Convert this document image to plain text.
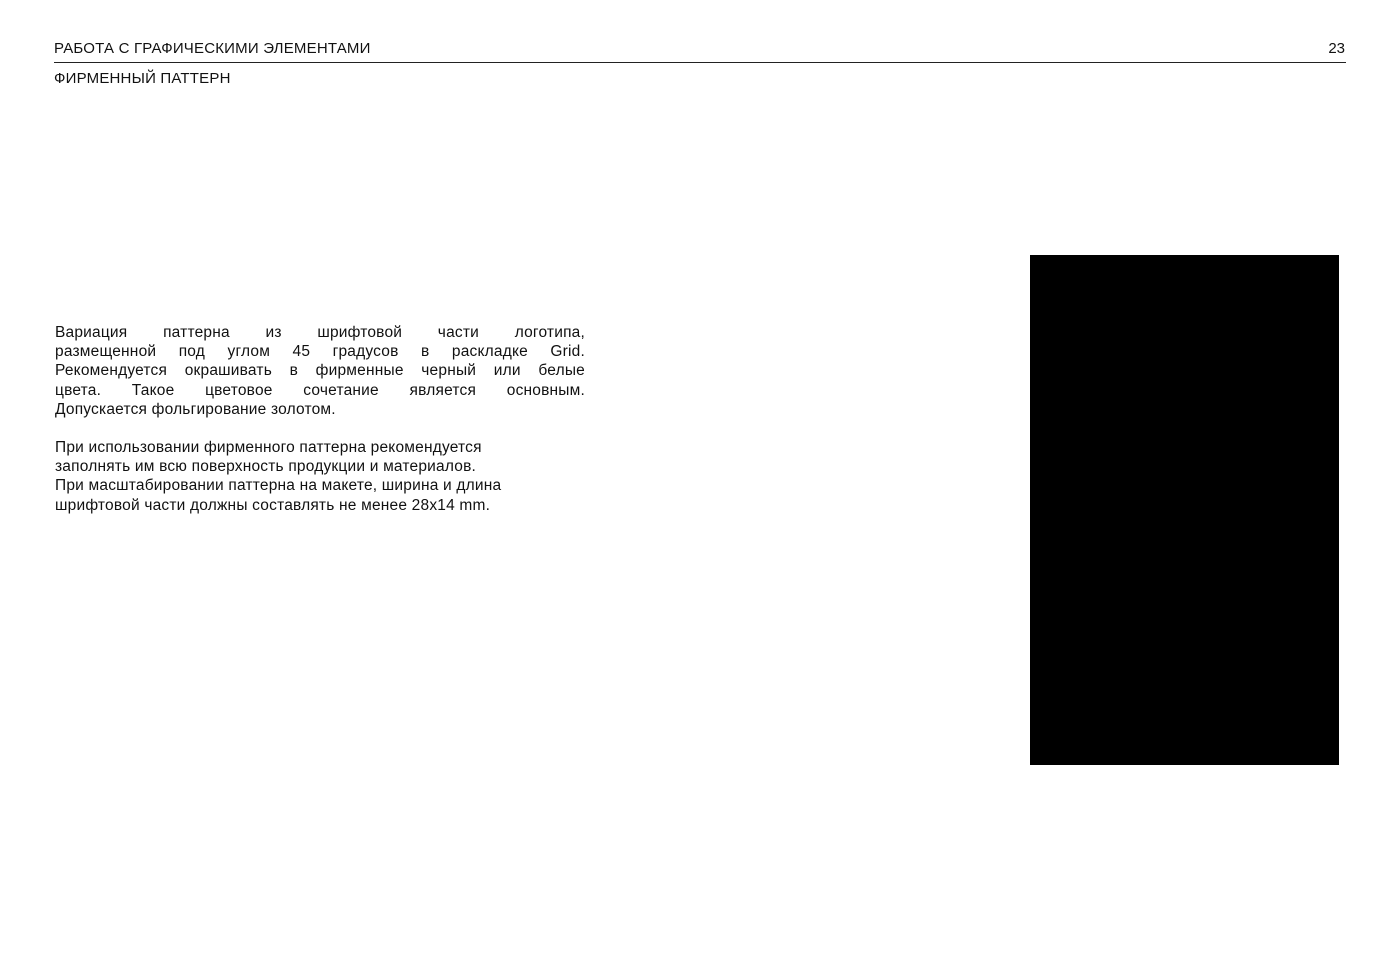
РАБОТА С ГРАФИЧЕСКИМИ ЭЛЕМЕНТАМИ	23
ФИРМЕННЫЙ ПАТТЕРН

Вариация паттерна из шрифтовой части логотипа,
размещенной под углом 45 градусов в раскладке Grid.
Рекомендуется окрашивать в фирменные черный или белые
цвета. Такое цветовое сочетание является основным.
Допускается фольгирование золотом.

При использовании фирменного паттерна рекомендуется
заполнять им всю поверхность продукции и материалов.
При масштабировании паттерна на макете, ширина и длина
шрифтовой части должны составлять не менее 28x14 mm.
